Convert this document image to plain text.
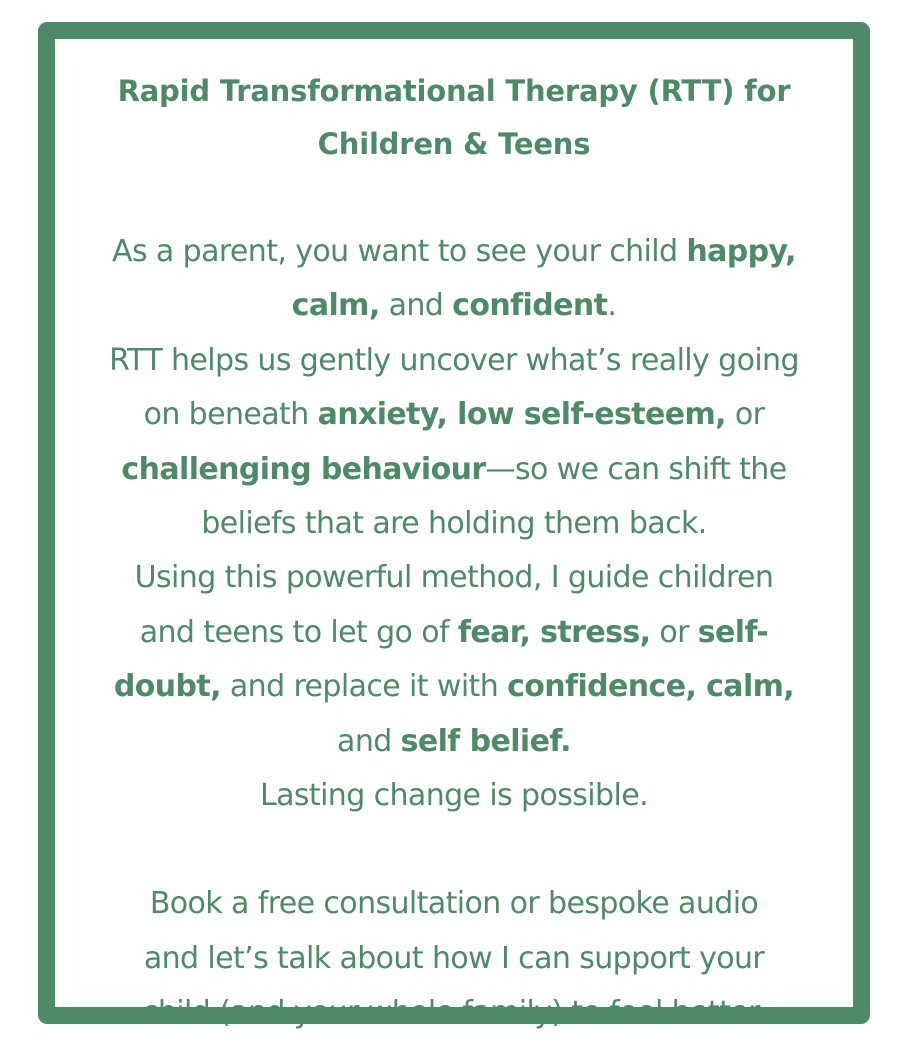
Rapid Transformational Therapy (RTT) for
Children & Teens

As a parent, you want to see your child happy,
calm, and confident.

RTT helps us gently uncover what’s really going
on beneath anxiety, low self-esteem, or
challenging behaviour—so we can shift the
beliefs that are holding them back.

Using this powerful method, I guide children
and teens to let go of fear, stress, or self-
doubt, and replace it with confidence, calm,
and self belief.

Lasting change is possible.

Book a free consultation or bespoke audio
and let’s talk about how I can support your
child (and your whole family) to feel better.
